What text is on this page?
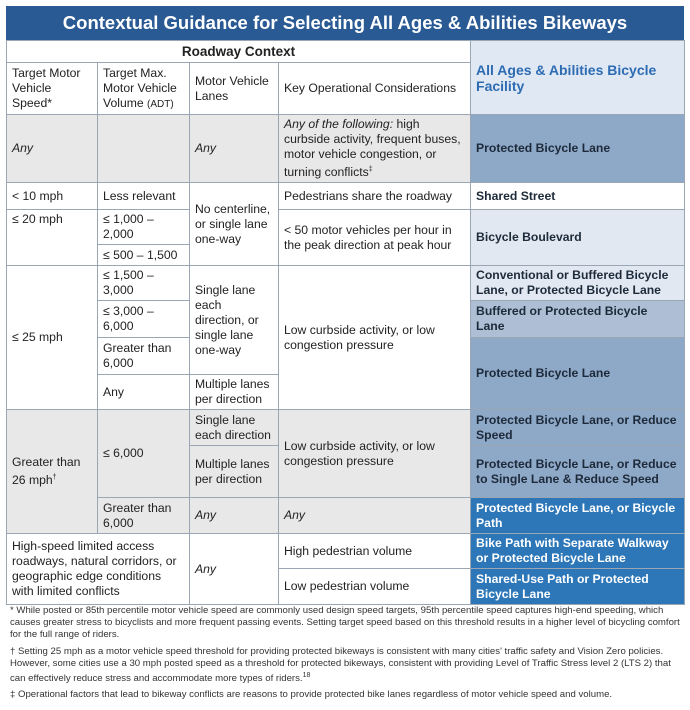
Contextual Guidance for Selecting All Ages & Abilities Bikeways
Roadway Context				All Ages & Abilities Bicycle Facility
Target Motor Vehicle Speed*	Target Max. Motor Vehicle Volume (ADT)	Motor Vehicle Lanes	Key Operational Considerations	
Any		Any	Any of the following: high curbside activity, frequent buses, motor vehicle congestion, or turning conflicts‡	Protected Bicycle Lane
< 10 mph	Less relevant	No centerline, or single lane one-way	Pedestrians share the roadway	Shared Street
≤ 20 mph	≤ 1,000 – 2,000		< 50 motor vehicles per hour in the peak direction at peak hour	Bicycle Boulevard
	≤ 500 – 1,500			
≤ 25 mph	≤ 1,500 – 3,000	Single lane each direction, or single lane one-way	Low curbside activity, or low congestion pressure	Conventional or Buffered Bicycle Lane, or Protected Bicycle Lane
	≤ 3,000 – 6,000			Buffered or Protected Bicycle Lane
	Greater than 6,000			Protected Bicycle Lane
	Any	Multiple lanes per direction		
Greater than 26 mph†	≤ 6,000	Single lane each direction	Low curbside activity, or low congestion pressure	Protected Bicycle Lane, or Reduce Speed
		Multiple lanes per direction		Protected Bicycle Lane, or Reduce to Single Lane & Reduce Speed
	Greater than 6,000	Any	Any	Protected Bicycle Lane, or Bicycle Path
High-speed limited access roadways, natural corridors, or geographic edge conditions with limited conflicts		Any	High pedestrian volume	Bike Path with Separate Walkway or Protected Bicycle Lane
			Low pedestrian volume	Shared-Use Path or Protected Bicycle Lane

* While posted or 85th percentile motor vehicle speed are commonly used design speed targets, 95th percentile speed captures high-end speeding, which causes greater stress to bicyclists and more frequent passing events. Setting target speed based on this threshold results in a higher level of bicycling comfort for the full range of riders.

† Setting 25 mph as a motor vehicle speed threshold for providing protected bikeways is consistent with many cities' traffic safety and Vision Zero policies. However, some cities use a 30 mph posted speed as a threshold for protected bikeways, consistent with providing Level of Traffic Stress level 2 (LTS 2) that can effectively reduce stress and accommodate more types of riders.$^{18}$

‡ Operational factors that lead to bikeway conflicts are reasons to provide protected bike lanes regardless of motor vehicle speed and volume.
